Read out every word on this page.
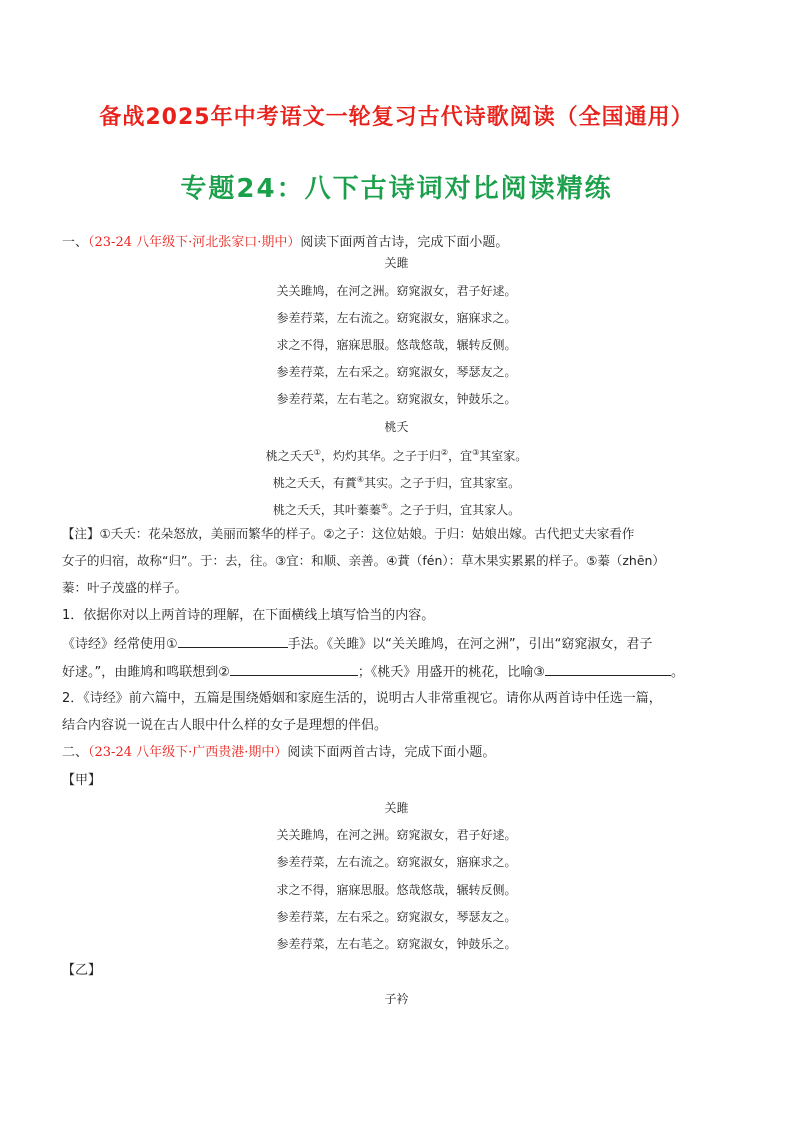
备战2025年中考语文一轮复习古代诗歌阅读（全国通用）
专题24：八下古诗词对比阅读精练
一、（23-24 八年级下·河北张家口·期中）阅读下面两首古诗，完成下面小题。
关雎
关关雎鸠，在河之洲。窈窕淑女，君子好逑。
参差荇菜，左右流之。窈窕淑女，寤寐求之。
求之不得，寤寐思服。悠哉悠哉，辗转反侧。
参差荇菜，左右采之。窈窕淑女，琴瑟友之。
参差荇菜，左右芼之。窈窕淑女，钟鼓乐之。
桃夭
桃之夭夭①，灼灼其华。之子于归②，宜③其室家。
桃之夭夭，有蕡④其实。之子于归，宜其家室。
桃之夭夭，其叶蓁蓁⑤。之子于归，宜其家人。
【注】①夭夭：花朵怒放，美丽而繁华的样子。②之子：这位姑娘。于归：姑娘出嫁。古代把丈夫家看作
女子的归宿，故称“归”。于：去，往。③宜：和顺、亲善。④蕡（fén）：草木果实累累的样子。⑤蓁（zhēn）
蓁：叶子茂盛的样子。
1．依据你对以上两首诗的理解，在下面横线上填写恰当的内容。
《诗经》经常使用①	手法。《关雎》以“关关雎鸠，在河之洲”，引出“窈窕淑女，君子
好逑。”，由雎鸠和鸣联想到②	；《桃夭》用盛开的桃花，比喻③	。
2．《诗经》前六篇中，五篇是围绕婚姻和家庭生活的，说明古人非常重视它。请你从两首诗中任选一篇，
结合内容说一说在古人眼中什么样的女子是理想的伴侣。
二、（23-24 八年级下·广西贵港·期中）阅读下面两首古诗，完成下面小题。
【甲】
关雎
关关雎鸠，在河之洲。窈窕淑女，君子好逑。
参差荇菜，左右流之。窈窕淑女，寤寐求之。
求之不得，寤寐思服。悠哉悠哉，辗转反侧。
参差荇菜，左右采之。窈窕淑女，琴瑟友之。
参差荇菜，左右芼之。窈窕淑女，钟鼓乐之。
【乙】
子衿
